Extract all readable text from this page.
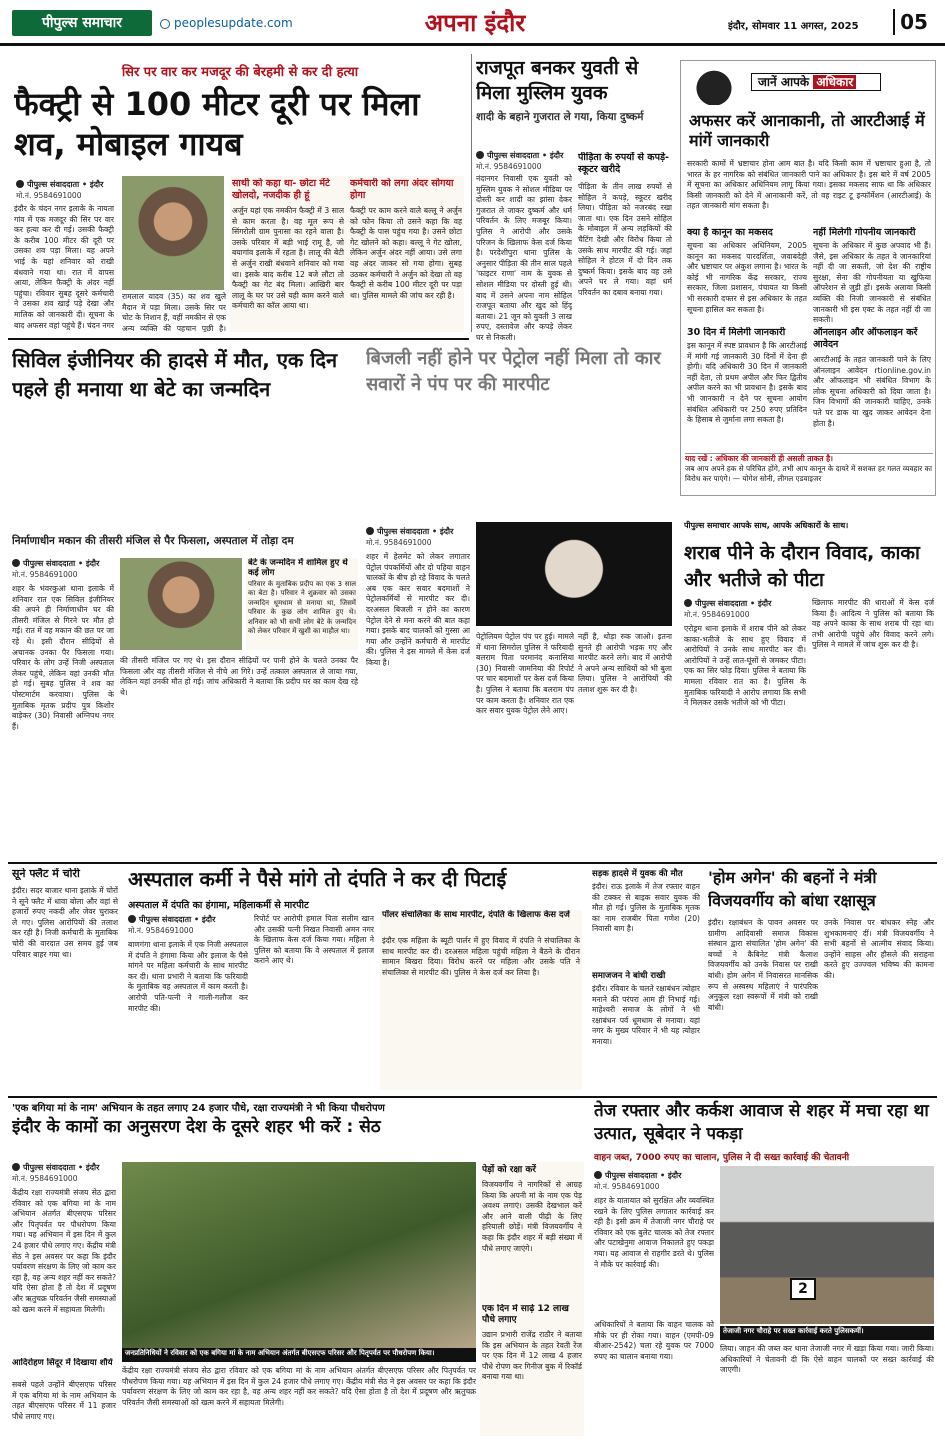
पीपुल्स समाचार	peoplesupdate.com	अपना इंदौर	इंदौर, सोमवार 11 अगस्त, 2025	05
सिर पर वार कर मजदूर की बेरहमी से कर दी हत्या
फैक्ट्री से 100 मीटर दूरी पर मिला शव, मोबाइल गायब
पीपुल्स संवाददाता • इंदौर
मो.नं. 9584691000
इंदौर के चंदन नगर इलाके के नायता गांव में एक मजदूर की सिर पर वार कर हत्या कर दी गई। उसकी फैक्ट्री के करीब 100 मीटर की दूरी पर उसका शव पड़ा मिला। यह अपने भाई के यहां शनिवार को राखी बंधवाने गया था। रात में वापस आया, लेकिन फैक्ट्री के अंदर नहीं पहुंचा। रविवार सुबह दूसरे कर्मचारी ने उसका शव खाई पड़े देखा और मालिक को जानकारी दी। सूचना के बाद अफसर वहां पहुंचे हैं। चंदन नगर
रामलाल यादव (35) का शव खुले मैदान में पड़ा मिला। उसके सिर पर चोट के निशान हैं, वहीं नमकीन से एक अन्य व्यक्ति की पहचान पूछी है।
साथी को कहा था- छोटा मेंटे खोलदो, नजदीक ही हूं
अर्जुन यहां एक नमकीन फैक्ट्री में 3 साल से काम करता है। वह मूल रूप से सिंगरोली ग्राम पुनासा का रहने वाला है। उसके परिवार में बड़ी भाई रामू है, जो बयागांव इलाके में रहता है। लालू की बेटी से अर्जुन राखी बंधवाने शनिवार को गया था। इसके बाद करीब 12 बजे लौटा तो फैक्ट्री का गेट बंद मिला। आखिरी बार लालू के घर पर उसे यही काम करने वाले कर्मचारी का कॉल आया था।
कर्मचारी को लगा अंदर सोगया होगा
फैक्ट्री पर काम करने वाले बल्लू ने अर्जुन को फोन किया तो उसने कहा कि वह फैक्ट्री के पास पहुंच गया है। उसने छोटा गेट खोलने को कहा। बल्लू ने गेट खोला, लेकिन अर्जुन अंदर नहीं आया। उसे लगा वह अंदर जाकर सो गया होगा। सुबह उठकर कर्मचारी ने अर्जुन को देखा तो वह फैक्ट्री से करीब 100 मीटर दूरी पर पड़ा था। पुलिस मामले की जांच कर रही है।
राजपूत बनकर युवती से मिला मुस्लिम युवक
शादी के बहाने गुजरात ले गया, किया दुष्कर्म
पीपुल्स संवाददाता • इंदौर
मो.नं. 9584691000
नंदानगर निवासी एक युवती को मुस्लिम युवक ने सोशल मीडिया पर दोस्ती कर शादी का झांसा देकर गुजरात ले जाकर दुष्कर्म और धर्म परिवर्तन के लिए मजबूर किया। पुलिस ने आरोपी और उसके परिजन के खिलाफ केस दर्ज किया है। परदेशीपुरा थाना पुलिस के अनुसार पीड़िता की तीन साल पहले 'फाइटर राणा' नाम के युवक से सोशल मीडिया पर दोस्ती हुई थी। बाद में उसने अपना नाम सोहिल राजपूत बताया और खुद को हिंदू बताया। 21 जून को युवती 3 लाख रुपए, दस्तावेज और कपड़े लेकर घर से निकली।
पीड़िता के रुपयों से कपड़े- स्कूटर खरीदे
पीड़िता के तीन लाख रुपयों से सोहिल ने कपड़े, स्कूटर खरीद लिया। पीड़िता को नजरबंद रखा जाता था। एक दिन उसने सोहिल के मोबाइल में अन्य लड़कियों की चैटिंग देखी और विरोध किया तो उसके साथ मारपीट की गई। जहां सोहिल ने होटल में दो दिन तक दुष्कर्म किया। इसके बाद वह उसे अपने घर ले गया। वहां धर्म परिवर्तन का दबाव बनाया गया।
जानें आपके अधिकार
अफसर करें आनाकानी, तो आरटीआई में मांगें जानकारी
सरकारी कामों में भ्रष्टाचार होना आम बात है। यदि किसी काम में भ्रष्टाचार हुआ है, तो भारत के हर नागरिक को संबंधित जानकारी पाने का अधिकार है। इस बारे में वर्ष 2005 में सूचना का अधिकार अधिनियम लागू किया गया। इसका मकसद साफ था कि अधिकार किसी जानकारी को देने में आनाकानी करें, तो वह राइट टू इन्फॉर्मेशन (आरटीआई) के तहत जानकारी मांग सकता है।
क्या है कानून का मकसद
सूचना का अधिकार अधिनियम, 2005 कानून का मकसद पारदर्शिता, जवाबदेही और भ्रष्टाचार पर अंकुश लगाना है। भारत के कोई भी नागरिक केंद्र सरकार, राज्य सरकार, जिला प्रशासन, पंचायत या किसी भी सरकारी दफ्तर से इस अधिकार के तहत सूचना हासिल कर सकता है।
नहीं मिलेगी गोपनीय जानकारी
सूचना के अधिकार में कुछ अपवाद भी हैं। जैसे, इस अधिकार के तहत वे जानकारियां नहीं दी जा सकती, जो देश की राष्ट्रीय सुरक्षा, सेना की गोपनीयता या खुफिया ऑपरेशन से जुड़ी हों। इसके अलावा किसी व्यक्ति की निजी जानकारी से संबंधित जानकारी भी इस एक्ट के तहत नहीं दी जा सकती।
30 दिन में मिलेगी जानकारी
इस कानून में स्पष्ट प्रावधान है कि आरटीआई में मांगी गई जानकारी 30 दिनों में देना ही होगी। यदि अधिकारी 30 दिन में जानकारी नहीं देता, तो प्रथम अपील और फिर द्वितीय अपील करने का भी प्रावधान है। इसके बाद भी जानकारी न देने पर सूचना आयोग संबंधित अधिकारी पर 250 रुपए प्रतिदिन के हिसाब से जुर्माना लगा सकता है।
ऑनलाइन और ऑफलाइन करें आवेदन
आरटीआई के तहत जानकारी पाने के लिए ऑनलाइन आवेदन rtionline.gov.in और ऑफलाइन भी संबंधित विभाग के लोक सूचना अधिकारी को दिया जाता है। जिन विभागों की जानकारी चाहिए, उनके पते पर डाक या खुद जाकर आवेदन देना होता है।
याद रखें : अधिकार की जानकारी ही असली ताकत है।
जब आप अपने हक से परिचित होंगे, तभी आप कानून के दायरे में सशक्त हर गलत व्यवहार का विरोध कर पाएंगे। — योगेश सोनी, लीगल एडवाइजर
पीपुल्स समाचार आपके साथ, आपके अधिकारों के साथ।
सिविल इंजीनियर की हादसे में मौत, एक दिन पहले ही मनाया था बेटे का जन्मदिन
निर्माणाधीन मकान की तीसरी मंजिल से पैर फिसला, अस्पताल में तोड़ा दम
पीपुल्स संवाददाता • इंदौर
मो.नं. 9584691000
शहर के भंवरकुआं थाना इलाके में शनिवार रात एक सिविल इंजीनियर की अपने ही निर्माणाधीन घर की तीसरी मंजिल से गिरने पर मौत हो गई। रात में वह मकान की छत पर जा रहे थे। इसी दौरान सीढ़ियों से अचानक उनका पैर फिसला गया। परिवार के लोग उन्हें निजी अस्पताल लेकर पहुंचे, लेकिन वहां उनकी मौत हो गई। सुबह पुलिस ने शव का पोस्टमार्टम करवाया। पुलिस के मुताबिक मृतक प्रदीप पुत्र किशोर बाड़ेकर (30) निवासी अग्निपथ नगर हैं।
बेटे के जन्मदिन में शामिल हुए थे कई लोग
परिवार के मुताबिक प्रदीप का एक 3 साल का बेटा है। परिवार ने शुक्रवार को उसका जन्मदिन धूमधाम से मनाया था, जिसमें परिवार के कुछ लोग शामिल हुए थे। शनिवार को भी सभी लोग बेटे के जन्मदिन को लेकर परिवार में खुशी का माहौल था।
की तीसरी मंजिल पर गए थे। इस दौरान सीढ़ियों पर पानी होने के चलते उनका पैर फिसला और वह तीसरी मंजिल से नीचे आ गिरे। उन्हें तत्काल अस्पताल ले जाया गया, लेकिन यहां उनकी मौत हो गई। जांच अधिकारी ने बताया कि प्रदीप घर का काम देख रहे थे।
बिजली नहीं होने पर पेट्रोल नहीं मिला तो कार सवारों ने पंप पर की मारपीट
पीपुल्स संवाददाता • इंदौर
मो.नं. 9584691000
शहर में हेलमेट को लेकर लगातार पेट्रोल पंपकर्मियों और दो पहिया वाहन चालकों के बीच हो रहे विवाद के चलते अब एक कार सवार बदमाशों ने पेट्रोलकर्मियों से मारपीट कर दी। दरअसल बिजली न होने का कारण पेट्रोल देने से मना करने की बात कहा गया। इसके बाद चालकों को गुस्सा आ गया और उन्होंने कर्मचारी से मारपीट की। पुलिस ने इस मामले में केस दर्ज किया है।
पेट्रोलियम पेट्रोल पंप पर हुई। मामले में थाना सिमरोल पुलिस ने फरियादी बलराम पिता परमानंद कनासिया (30) निवासी जामनिया की रिपोर्ट पर चार बदमाशों पर केस दर्ज किया है। पुलिस ने बताया कि बलराम पंप पर काम करता है। शनिवार रात एक कार सवार युवक पेट्रोल लेने आए।
नहीं है, थोड़ा रुक जाओ। इतना सुनते ही आरोपी भड़क गए और मारपीट करने लगे। बाद में आरोपी ने अपने अन्य साथियों को भी बुला लिया। पुलिस ने आरोपियों की तलाश शुरू कर दी है।
शराब पीने के दौरान विवाद, काका और भतीजे को पीटा
पीपुल्स संवाददाता • इंदौर
मो.नं. 9584691000
एरोड्रम थाना इलाके में शराब पीने को लेकर काका-भतीजे के साथ हुए विवाद में आरोपियों ने उनके साथ मारपीट कर दी। आरोपियों ने उन्हें लात-घूंसों से जमकर पीटा। एक का सिर फोड़ दिया। पुलिस ने बताया कि मामला रविवार रात का है। पुलिस के मुताबिक फरियादी ने आरोप लगाया कि सभी ने मिलकर उसके भतीजे को भी पीटा।
खिलाफ मारपीट की धाराओं में केस दर्ज किया है। आदित्य ने पुलिस को बताया कि वह अपने काका के साथ शराब पी रहा था। तभी आरोपी पहुंचे और विवाद करने लगे। पुलिस ने मामले में जांच शुरू कर दी है।
सूने फ्लैट में चोरी
इंदौर। सदर बाजार थाना इलाके में चोरों ने सूने फ्लैट में धावा बोला और वहां से हजारों रुपए नकदी और जेवर चुराकर ले गए। पुलिस आरोपियों की तलाश कर रही है। निजी कर्मचारी के मुताबिक चोरी की वारदात उस समय हुई जब परिवार बाहर गया था।
अस्पताल कर्मी ने पैसे मांगे तो दंपति ने कर दी पिटाई
अस्पताल में दंपति का हंगामा, महिलाकर्मी से मारपीट
पीपुल्स संवाददाता • इंदौर
मो.नं. 9584691000
बाणगंगा थाना इलाके में एक निजी अस्पताल में दंपति ने हंगामा किया और इलाज के पैसे मांगने पर महिला कर्मचारी के साथ मारपीट कर दी। थाना प्रभारी ने बताया कि फरियादी के मुताबिक वह अस्पताल में काम करती है। आरोपी पति-पत्नी ने गाली-गलौज कर मारपीट की।
रिपोर्ट पर आरोपी हमाल पिता सलीम खान और उसकी पत्नी निखत निवासी अमन नगर के खिलाफ केस दर्ज किया गया। महिला ने पुलिस को बताया कि वे अस्पताल में इलाज कराने आए थे।
पॉलर संचालिका के साथ मारपीट, दंपति के खिलाफ केस दर्ज
इंदौर एक महिला के ब्यूटी पार्लर में हुए विवाद में दंपति ने संचालिका के साथ मारपीट कर दी। दरअसल महिला पहुंची महिला ने बैठने के दौरान सामान बिखरा दिया। विरोध करने पर महिला और उसके पति ने संचालिका से मारपीट की। पुलिस ने केस दर्ज कर लिया है।
सड़क हादसे में युवक की मौत
इंदौर। राऊ इलाके में तेज रफ्तार वाहन की टक्कर से बाइक सवार युवक की मौत हो गई। पुलिस के मुताबिक मृतक का नाम राजबीर पिता गणेश (20) निवासी बाग है।
समाजजन ने बांधी राखी
इंदौर। रविवार के चलते रक्षाबंधन त्योहार मनाने की परंपरा आम ही निभाई गई। माहेश्वरी समाज के लोगों ने भी रक्षाबंधन पर्व धूमधाम से मनाया। यहां नगर के मुख्य परिवार ने भी यह त्योहार मनाया।
'होम अगेन' की बहनों ने मंत्री विजयवर्गीय को बांधा रक्षासूत्र
इंदौर। रक्षाबंधन के पावन अवसर पर ग्रामीण आदिवासी समाज विकास संस्थान द्वारा संचालित 'होम अगेन' की बच्चों ने कैबिनेट मंत्री कैलाश विजयवर्गीय को उनके निवास पर राखी बांधी। होम अगेन में निवासरत मानसिक रूप से अस्वस्थ महिलाएं ने पारंपरिक अनुकूल रक्षा स्वरूपों में मंत्री को राखी बांधी।
उनके निवास पर बांधकर स्नेह और शुभकामनाएं दीं। मंत्री विजयवर्गीय ने सभी बहनों से आत्मीय संवाद किया। उन्होंने साहस और हौसले की सराहना करते हुए उज्ज्वल भविष्य की कामना की।
'एक बगिया मां के नाम' अभियान के तहत लगाए 24 हजार पौधे, रक्षा राज्यमंत्री ने भी किया पौधरोपण
इंदौर के कामों का अनुसरण देश के दूसरे शहर भी करें : सेठ
पीपुल्स संवाददाता • इंदौर
मो.नं. 9584691000
केंद्रीय रक्षा राज्यमंत्री संजय सेठ द्वारा रविवार को एक बगिया मां के नाम अभियान अंतर्गत बीएसएफ परिसर और पितृपर्वत पर पौधरोपण किया गया। यह अभियान में इस दिन में कुल 24 हजार पौधे लगाए गए। केंद्रीय मंत्री सेठ ने इस अवसर पर कहा कि इंदौर पर्यावरण संरक्षण के लिए जो काम कर रहा है, वह अन्य शहर नहीं कर सकते? यदि ऐसा होता है तो देश में प्रदूषण और ऋतुचक्र परिवर्तन जैसी समस्याओं को खत्म करने में सहायता मिलेगी।
आदिरोहण सिंदूर में दिखाया शौर्य
सबसे पहले उन्होंने बीएसएफ परिसर में एक बगिया मां के नाम अभियान के तहत बीएसएफ परिसर में 11 हजार पौधे लगाए गए।
जनप्रतिनिधियों ने रविवार को एक बगिया मां के नाम अभियान अंतर्गत बीएसएफ परिसर और पितृपर्वत पर पौधरोपण किया।
केंद्रीय रक्षा राज्यमंत्री संजय सेठ द्वारा रविवार को एक बगिया मां के नाम अभियान अंतर्गत बीएसएफ परिसर और पितृपर्वत पर पौधरोपण किया गया। यह अभियान में इस दिन में कुल 24 हजार पौधे लगाए गए। केंद्रीय मंत्री सेठ ने इस अवसर पर कहा कि इंदौर पर्यावरण संरक्षण के लिए जो काम कर रहा है, वह अन्य शहर नहीं कर सकते? यदि ऐसा होता है तो देश में प्रदूषण और ऋतुचक्र परिवर्तन जैसी समस्याओं को खत्म करने में सहायता मिलेगी।
पेड़ों को रक्षा करें
विजयवर्गीय ने नागरिकों से आग्रह किया कि अपनी मां के नाम एक पेड़ अवश्य लगाएं। उसकी देखभाल करें और आने वाली पीढ़ी के लिए हरियाली छोड़ें। मंत्री विजयवर्गीय ने कहा कि इंदौर शहर में बड़ी संख्या में पौधे लगाए जाएंगे।
एक दिन में साढ़े 12 लाख पौधे लगाए
उद्यान प्रभारी राजेंद्र राठौर ने बताया कि इस अभियान के तहत रेवती रेंज पर एक दिन में 12 लाख 4 हजार पौधे रोपण कर गिनीज बुक में रिकॉर्ड बनाया गया था।
तेज रफ्तार और कर्कश आवाज से शहर में मचा रहा था उत्पात, सूबेदार ने पकड़ा
वाहन जब्त, 7000 रुपए का चालान, पुलिस ने दी सख्त कार्रवाई की चेतावनी
पीपुल्स संवाददाता • इंदौर
मो.नं. 9584691000
शहर के यातायात को सुरक्षित और व्यवस्थित रखने के लिए पुलिस लगातार कार्रवाई कर रही है। इसी क्रम में तेजाजी नगर चौराहे पर रविवार को एक बुलेट चालक को तेज रफ्तार और पटाखेनुमा आवाज निकालते हुए पकड़ा गया। यह आवाज से राहगीर डरते थे। पुलिस ने मौके पर कार्रवाई की।
अधिकारियों ने बताया कि वाहन चालक को मौके पर ही रोका गया। वाहन (एमपी-09 बीआर-2542) चला रहे युवक पर 7000 रुपए का चालान बनाया गया।
2
तेजाजी नगर चौराहे पर सख्त कार्रवाई करते पुलिसकर्मी।
लिया। जाहन की जब्त कर थाना तेजाजी नगर में खड़ा किया गया। जारी किया। अधिकारियों ने चेतावनी दी कि ऐसे वाहन चालकों पर सख्त कार्रवाई की जाएगी।
